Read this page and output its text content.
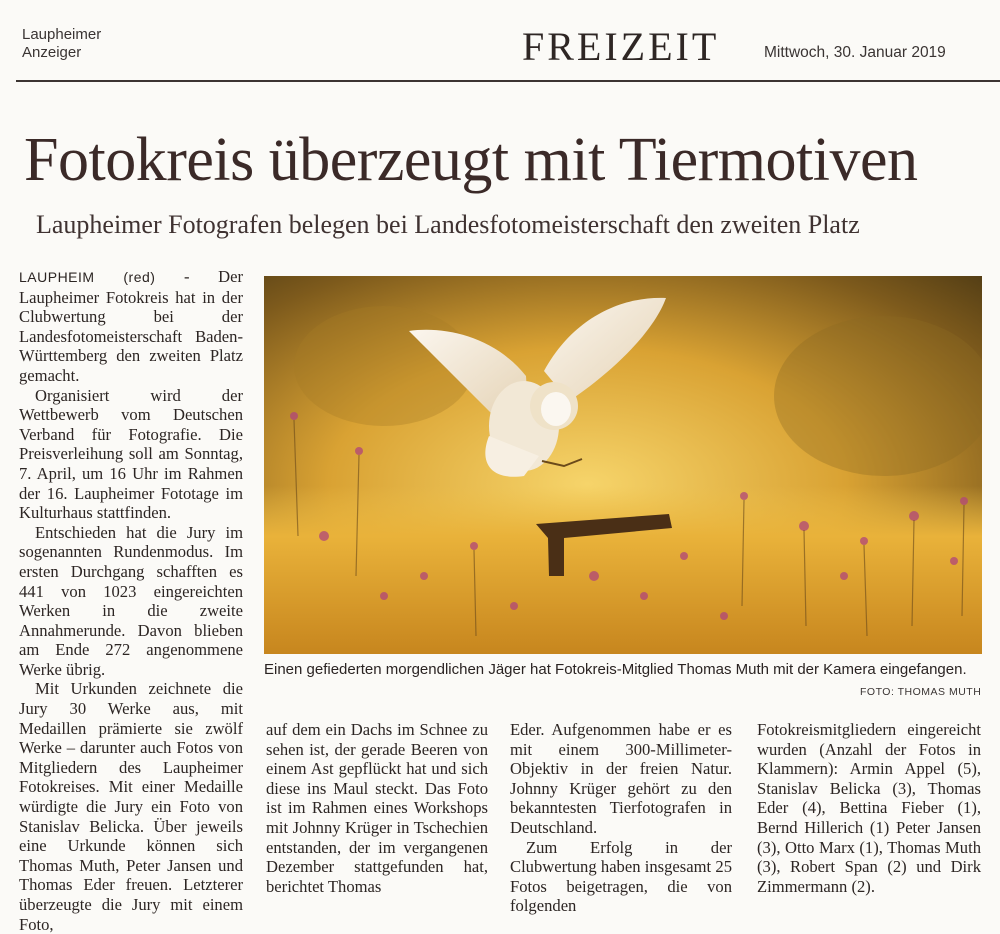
Laupheimer
Anzeiger	FREIZEIT	Mittwoch, 30. Januar 2019
Fotokreis überzeugt mit Tiermotiven
Laupheimer Fotografen belegen bei Landesfotomeisterschaft den zweiten Platz

LAUPHEIM (red) - Der Laupheimer Fotokreis hat in der Clubwertung bei der Landesfotomeisterschaft Baden-Württemberg den zweiten Platz gemacht.

Organisiert wird der Wettbewerb vom Deutschen Verband für Fotografie. Die Preisverleihung soll am Sonntag, 7. April, um 16 Uhr im Rahmen der 16. Laupheimer Fototage im Kulturhaus stattfinden.

Entschieden hat die Jury im sogenannten Rundenmodus. Im ersten Durchgang schafften es 441 von 1023 eingereichten Werken in die zweite Annahmerunde. Davon blieben am Ende 272 angenommene Werke übrig.

Mit Urkunden zeichnete die Jury 30 Werke aus, mit Medaillen prämierte sie zwölf Werke – darunter auch Fotos von Mitgliedern des Laupheimer Fotokreises. Mit einer Medaille würdigte die Jury ein Foto von Stanislav Belicka. Über jeweils eine Urkunde können sich Thomas Muth, Peter Jansen und Thomas Eder freuen. Letzterer überzeugte die Jury mit einem Foto,

auf dem ein Dachs im Schnee zu sehen ist, der gerade Beeren von einem Ast gepflückt hat und sich diese ins Maul steckt. Das Foto ist im Rahmen eines Workshops mit Johnny Krüger in Tschechien entstanden, der im vergangenen Dezember stattgefunden hat, berichtet Thomas

Eder. Aufgenommen habe er es mit einem 300-Millimeter-Objektiv in der freien Natur. Johnny Krüger gehört zu den bekanntesten Tierfotografen in Deutschland.

Zum Erfolg in der Clubwertung haben insgesamt 25 Fotos beigetragen, die von folgenden

Fotokreismitgliedern eingereicht wurden (Anzahl der Fotos in Klammern): Armin Appel (5), Stanislav Belicka (3), Thomas Eder (4), Bettina Fieber (1), Bernd Hillerich (1) Peter Jansen (3), Otto Marx (1), Thomas Muth (3), Robert Span (2) und Dirk Zimmermann (2).

Einen gefiederten morgendlichen Jäger hat Fotokreis-Mitglied Thomas Muth mit der Kamera eingefangen.
FOTO: THOMAS MUTH
